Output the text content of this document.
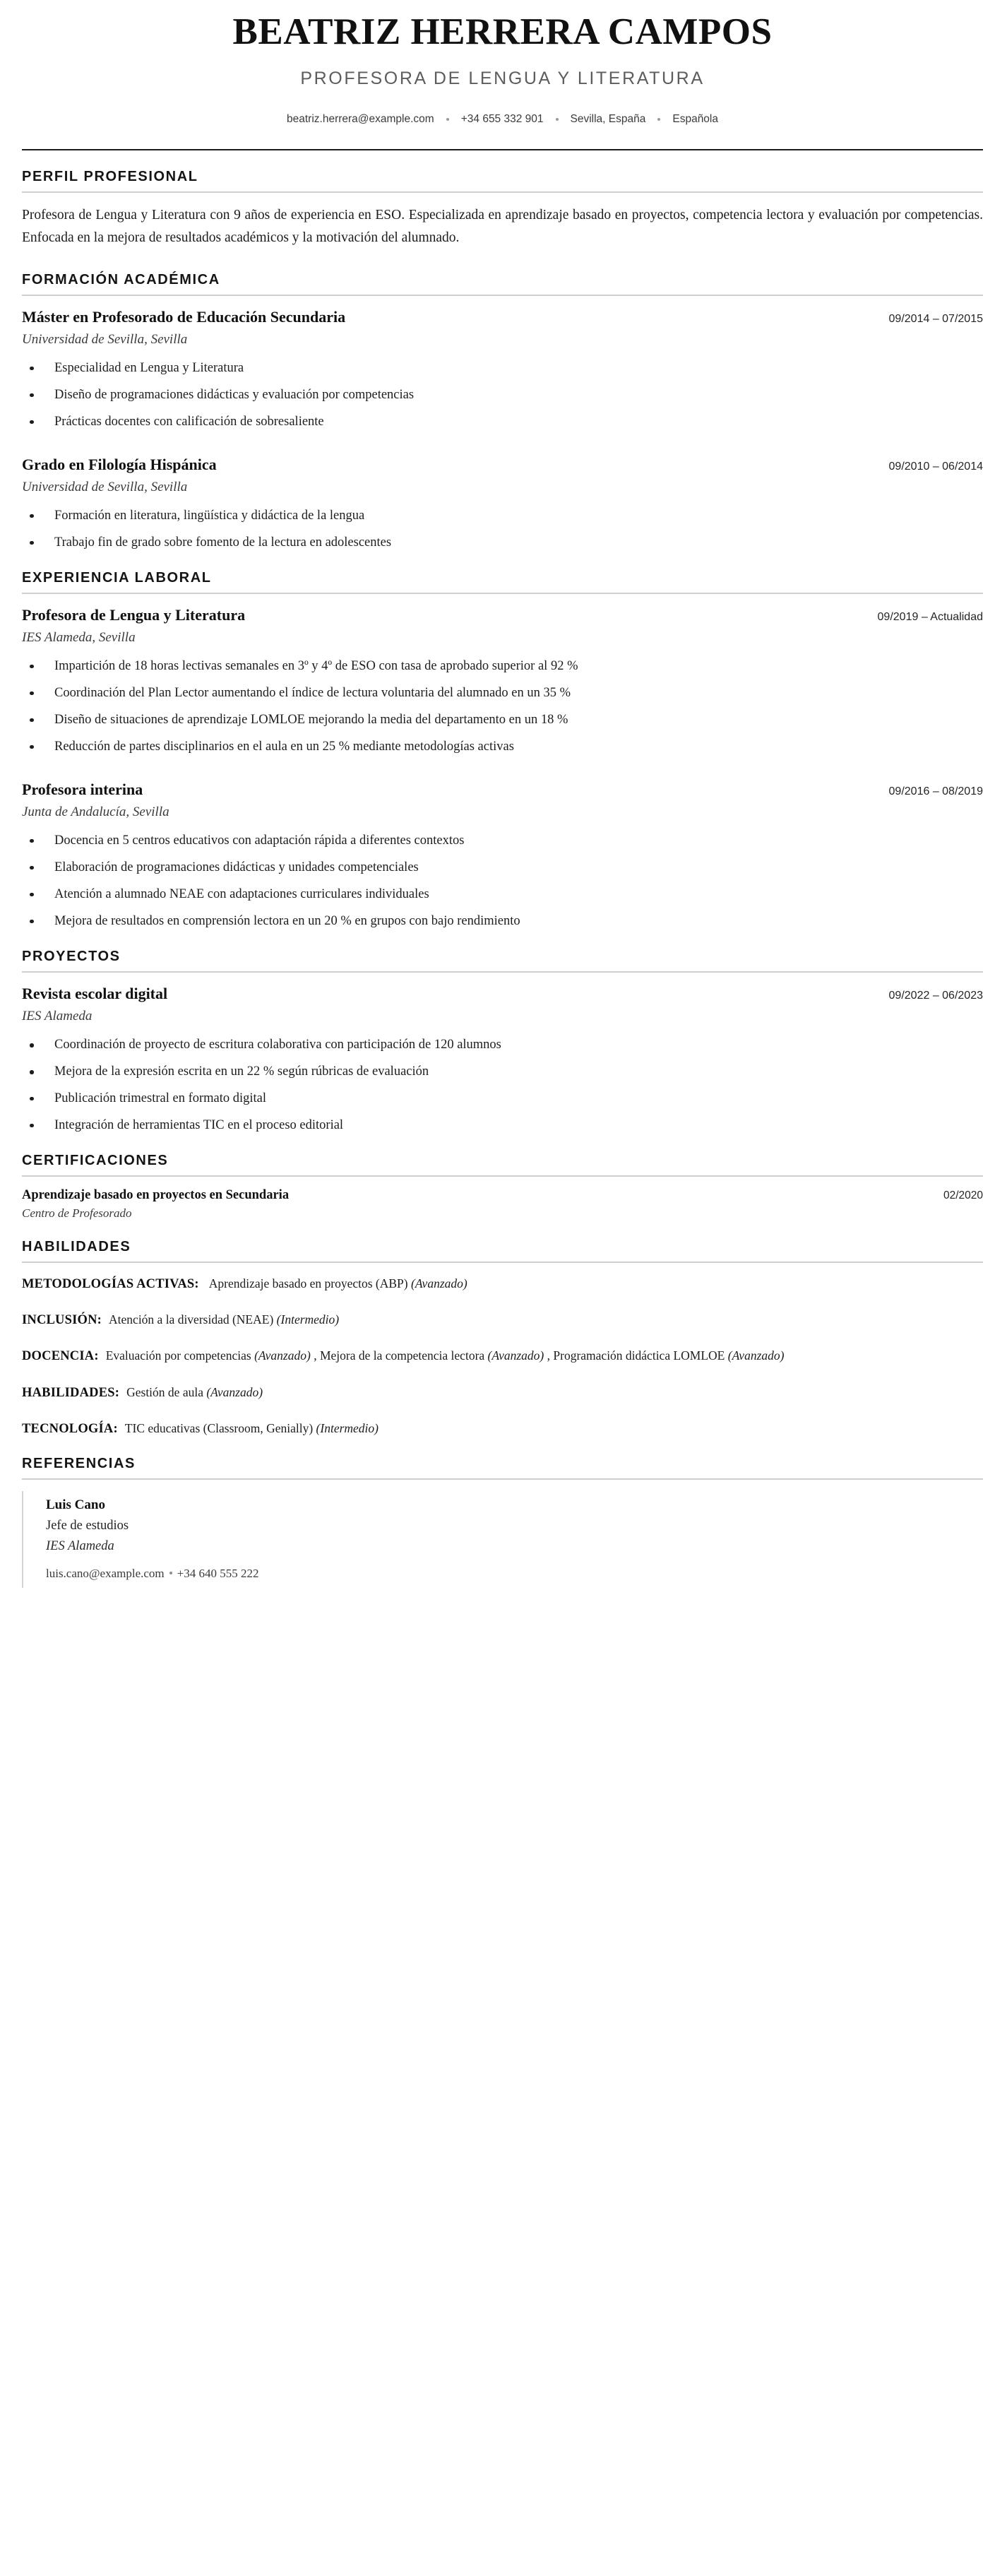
BEATRIZ HERRERA CAMPOS
PROFESORA DE LENGUA Y LITERATURA
beatriz.herrera@example.com +34 655 332 901 Sevilla, España Española
PERFIL PROFESIONAL

Profesora de Lengua y Literatura con 9 años de experiencia en ESO. Especializada en aprendizaje basado en proyectos, competencia lectora y evaluación por competencias. Enfocada en la mejora de resultados académicos y la motivación del alumnado.

FORMACIÓN ACADÉMICA
Máster en Profesorado de Educación Secundaria	09/2014 – 07/2015
Universidad de Sevilla, Sevilla
Especialidad en Lengua y Literatura
Diseño de programaciones didácticas y evaluación por competencias
Prácticas docentes con calificación de sobresaliente
Grado en Filología Hispánica	09/2010 – 06/2014
Universidad de Sevilla, Sevilla
Formación en literatura, lingüística y didáctica de la lengua
Trabajo fin de grado sobre fomento de la lectura en adolescentes
EXPERIENCIA LABORAL
Profesora de Lengua y Literatura	09/2019 – Actualidad
IES Alameda, Sevilla
Impartición de 18 horas lectivas semanales en 3º y 4º de ESO con tasa de aprobado superior al 92 %
Coordinación del Plan Lector aumentando el índice de lectura voluntaria del alumnado en un 35 %
Diseño de situaciones de aprendizaje LOMLOE mejorando la media del departamento en un 18 %
Reducción de partes disciplinarios en el aula en un 25 % mediante metodologías activas
Profesora interina	09/2016 – 08/2019
Junta de Andalucía, Sevilla
Docencia en 5 centros educativos con adaptación rápida a diferentes contextos
Elaboración de programaciones didácticas y unidades competenciales
Atención a alumnado NEAE con adaptaciones curriculares individuales
Mejora de resultados en comprensión lectora en un 20 % en grupos con bajo rendimiento
PROYECTOS
Revista escolar digital	09/2022 – 06/2023
IES Alameda
Coordinación de proyecto de escritura colaborativa con participación de 120 alumnos
Mejora de la expresión escrita en un 22 % según rúbricas de evaluación
Publicación trimestral en formato digital
Integración de herramientas TIC en el proceso editorial
CERTIFICACIONES
Aprendizaje basado en proyectos en Secundaria	02/2020
Centro de Profesorado
HABILIDADES
METODOLOGÍAS ACTIVAS: Aprendizaje basado en proyectos (ABP) (Avanzado)
INCLUSIÓN: Atención a la diversidad (NEAE) (Intermedio)
DOCENCIA: Evaluación por competencias (Avanzado) , Mejora de la competencia lectora (Avanzado) , Programación didáctica LOMLOE (Avanzado)
HABILIDADES: Gestión de aula (Avanzado)
TECNOLOGÍA: TIC educativas (Classroom, Genially) (Intermedio)
REFERENCIAS
Luis Cano
Jefe de estudios
IES Alameda
luis.cano@example.com +34 640 555 222
